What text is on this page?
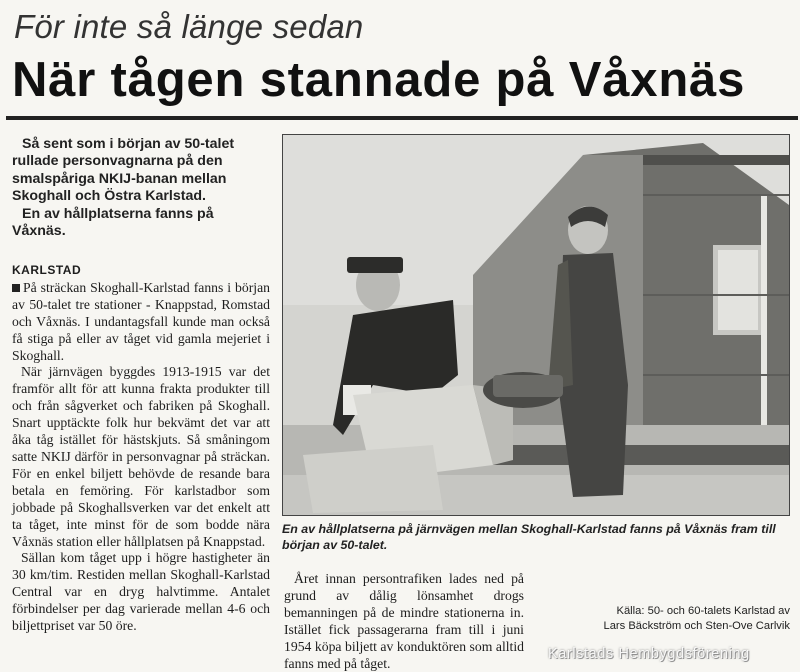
För inte så länge sedan
När tågen stannade på Våxnäs

Så sent som i början av 50-talet rullade personvagnarna på den smalspåriga NKIJ-banan mellan Skoghall och Östra Karlstad.

En av hållplatserna fanns på Våxnäs.

KARLSTAD

På sträckan Skoghall-Karlstad fanns i början av 50-talet tre stationer - Knappstad, Romstad och Våxnäs. I undantagsfall kunde man också få stiga på eller av tåget vid gamla mejeriet i Skoghall.

När järnvägen byggdes 1913-1915 var det framför allt för att kunna frakta produkter till och från sågverket och fabriken på Skoghall. Snart upptäckte folk hur bekvämt det var att åka tåg istället för hästskjuts. Så småningom satte NKIJ därför in personvagnar på sträckan. För en enkel biljett behövde de resande bara betala en femöring. För karlstadbor som jobbade på Skoghallsverken var det enkelt att ta tåget, inte minst för de som bodde nära Våxnäs station eller hållplatsen på Knappstad.

Sällan kom tåget upp i högre hastigheter än 30 km/tim. Restiden mellan Skoghall-Karlstad Central var en dryg halvtimme. Antalet förbindelser per dag varierade mellan 4-6 och biljettpriset var 50 öre.

En av hållplatserna på järnvägen mellan Skoghall-Karlstad fanns på Våxnäs fram till början av 50-talet.

Året innan persontrafiken lades ned på grund av dålig lönsamhet drogs bemanningen på de mindre stationerna in. Istället fick passagerarna fram till i juni 1954 köpa biljett av konduktören som alltid fanns med på tåget.

Källa: 50- och 60-talets Karlstad av
Lars Bäckström och Sten-Ove Carlvik
Karlstads Hembygdsförening
